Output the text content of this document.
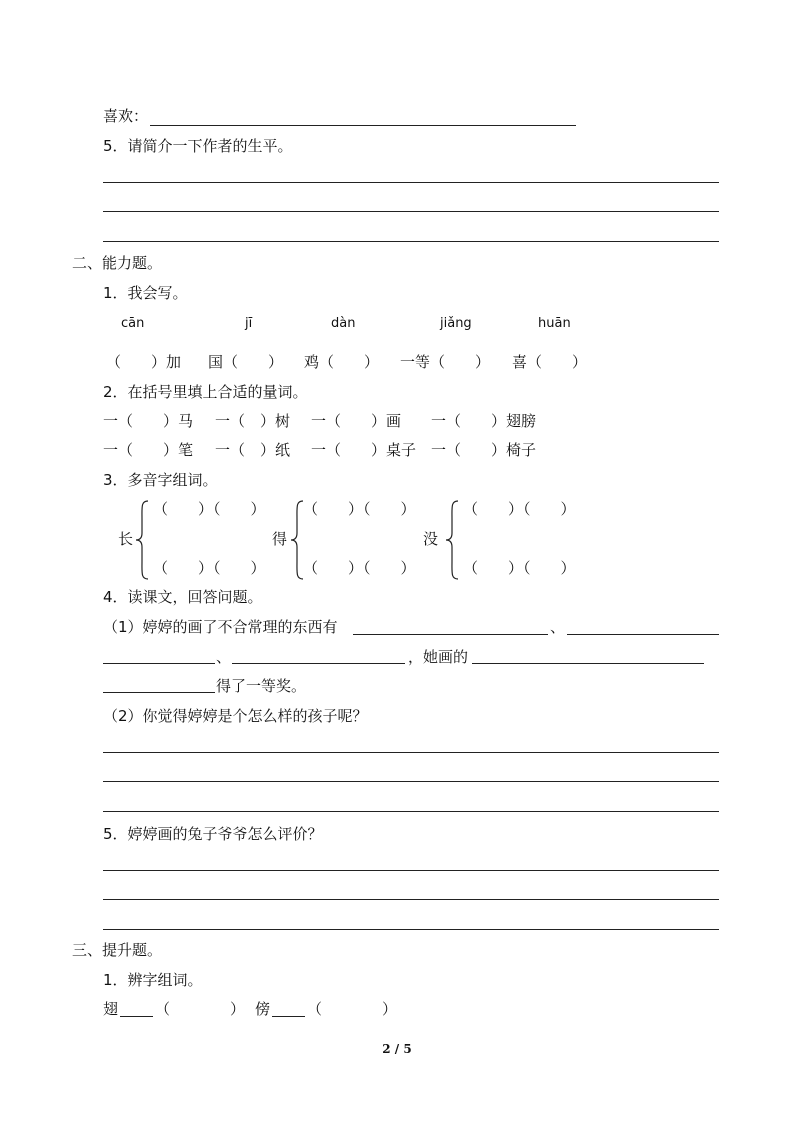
喜欢：
5．请简介一下作者的生平。
二、能力题。
1．我会写。
cān	jī	dàn	jiǎng	huān
（　　）加 国（　　） 鸡（　　） 一等（　　） 喜（　　）
2．在括号里填上合适的量词。
一（　　）马 一（　）树 一（　　）画 一（　　）翅膀
一（　　）笔 一（　）纸 一（　　）桌子 一（　　）椅子
3．多音字组词。
长
（　　）（　　）
（　　）（　　）
得
（　　）（　　）
（　　）（　　）
没
（　　）（　　）
（　　）（　　）
4．读课文，回答问题。
（1）婷婷的画了不合常理的东西有	、
、	，她画的
得了一等奖。
（2）你觉得婷婷是个怎么样的孩子呢？
5．婷婷画的兔子爷爷怎么评价？
三、提升题。
1．辨字组词。
翅 （　　　　） 傍 （　　　　）
2 / 5
